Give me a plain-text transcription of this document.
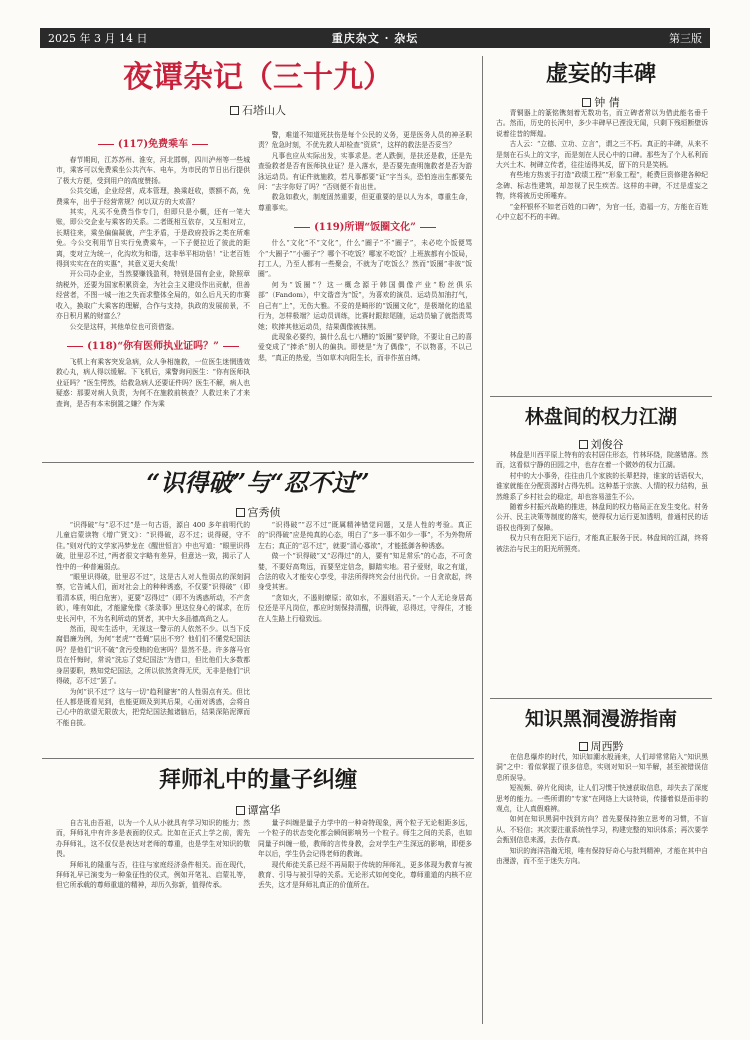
2025 年 3 月 14 日	重庆杂文 · 杂坛	第三版
夜谭杂记（三十九）
石塔山人
(117)免费乘车

春节期间，江苏苏州、淮安，河北邯郸，四川泸州等一些城市，乘客可以免费乘坐公共汽车、电车，为市民的节日出行提供了极大方便，受到用户的高度赞扬。

公共交通，企业经营，成本管理，换乘赶收，票额不高，免费乘车，出乎于经营常规？何以双方的大欢喜？

其实，凡买不免费当作专门，但即只是小概，还有一笔大账，即公交企业与乘客的关系。二者既相互依存，又互相对立，长期往来，乘坐偏偏凝就，产生矛盾，于是政府投诉之类在所难免。今公交利用节日实行免费乘车，一下子便拉近了彼此的距离，变对立为统一，化沟坎为和谐，这非举平相功倍！“让老百姓得到实实在在的实惠”，其意义更大矣哉！

开公司办企业，当然要赚钱盈利，特别是国有企业，除照章纳税外，还要为国家积累资金，为社会主义建设作出贡献，但善经营者，不图一城一池之失而求整体全局的，如么后凡天的市赛收入，换取广大乘客的理解，合作与支持，执政的发展前景，不亦日积月累的财富么？

公交是这样，其他单位也可资借鉴。

(118)“你有医师执业证吗？”

飞机上有乘客突发急病，众人争相施救，一位医生迷惘透效救心丸，病人得以缓解。下飞机后，乘警询问医生：“你有医师执业证吗？”医生愕然，给救急病人还要证件吗？医生不解，病人也疑惑：那要对病人负责，为何不在施救前核查？人救过来了才来查询，是否有本末倒置之嫌？作为乘

警，难道不知道死扶伤是每个公民的义务，更是医务人员的神圣职责？危急时刻，不优先救人却检查“资质”，这样的救法是否妥当？

凡事也应从实际出发，实事求是。老人跌倒，是扶还是救，还是先查验救者是否有医师执业证？是入落水，是否要先查明施救者是否为游泳运动员。有证件就施救，若凡事都要“证”字当头，恐怕连出生都要先问：“去字你好了吗？”否则便不肯出世。

救急如救火，制度固然重要，但更重要的是以人为本，尊重生命，尊重事实。

(119)所谓“饭圈文化”

什么“文化”不“文化”，什么“圈子”不“圈子”，未必吃个饭便骂个“大圈子”“小圈子”？哪个不吃饭？哪家不吃饭？上班族都有小饭局，打工人，乃至人都有一些聚会，不就为了吃饭么？然而“饭圈”非彼“饭圈”。

何为“饭圈”？这一概念源于韩国偶像产业“粉丝俱乐部”（Fandom），中文谐音为“饭”，为喜欢的演员、运动员加油打气，自己有“上”，无伤大雅。不妥的是畸形的“饭圈文化”，是极端化的追星行为，怎样极端？运动员训练，比赛时跟踪尾随，运动员输了就指责骂她；吹捧其他运动员，结果偶像被抹黑。

此现象必要约，搞什么乱七八糟的“饭圈”要铲除，不要让自己的喜爱变成了“捧杀”别人的偏执。即使是“为了偶像”，不以物喜，不以己悲，“真正的热爱，当如草木向阳生长，而非作茧自缚。

“识得破”与“忍不过”
宫秀侦

“识得破”与“忍不过”是一句古语，源自 400 多年前明代的儿童启蒙读物《增广贤文》：“识得破，忍不过；说得硬，守不住。”则对代的文学家冯梦龙在《醒世恒言》中也写道：“眼里识得破，肚里忍不过，”两者很文字略有差异，但意达一致，揭示了人性中的一种普遍弱点。

“眼里识得破，肚里忍不过”，这是古人对人性弱点的深刻洞察，它告诫人们，面对社会上的种种诱惑，不仅要“识得破”（即看清本质，明白危害），更要“忍得过”（即不为诱惑所动，不产贪欲），唯有如此，才能避免像《茶录事》里这位身心的谋求，在历史长河中，不为名利所动的贤者，其中大多品德高尚之人。

然而，现实生活中，无视这一警示的人依然不少。以当下反腐倡廉为例，为何“老虎”“苍蝇”层出不穷？他们们不懂党纪国法吗？是他们“识不破”贪污受贿的危害吗？显然不是。许多落马官员在忏悔时，常说“洗忘了党纪国法”为借口，但比他们大多数都身居要职，熟知党纪国法，之所以依然贪得无厌，无非是他们“识得破，忍不过”罢了。

为何“识不过”？这与一切“趋利避害”的人性弱点有关。但比任人都是既看见到，也能更顾及到其后果，心面对诱惑，会将自己心中的欲望无限放大，把党纪国法抛诸脑后，结果深陷泥潭而不能自拔。

“识得破”“忍不过”既属精神错觉问题，又是人性的考验。真正的“识得破”应是纯真的心态，明白了“多一事不如少一事”，不为外物所左右；真正的“忍不过”，就要“清心寡欲”，才能抵御各种诱惑。

做一个“识得破”又“忍得过”的人，要有“知足常乐”的心态，不可贪婪，不要好高骛远，而要坚定信念，脚踏实地。君子爱财，取之有道，合法的收入才能安心享受，非法所得终究会付出代价。一日贪欲起，终身受其害。

“贪如火，不遏则燎原；欲如水，不遏则滔天。”一个人无论身居高位还是平凡岗位，都应时刻保持清醒，识得破，忍得过，守得住，才能在人生路上行稳致远。

拜师礼中的量子纠缠
谭富华

自古礼由吾祖，以为一个人从小就具有学习知识的能力；然而，拜师礼中有许多是表面的仪式。比如在正式上学之前，需先办拜师礼，这不仅仅是表达对老师的尊重，也是学生对知识的敬畏。

拜师礼的隆重与否，往往与家庭经济条件相关。而在现代，拜师礼早已演变为一种象征性的仪式，例如开笔礼、启蒙礼等，但它所承载的尊师重道的精神，却历久弥新，值得传承。

量子纠缠是量子力学中的一种奇特现象，两个粒子无论相距多远，一个粒子的状态变化都会瞬间影响另一个粒子。师生之间的关系，也如同量子纠缠一般，教师的言传身教，会对学生产生深远的影响，即便多年以后，学生仍会记得老师的教诲。

现代师徒关系已经不再局限于传统的拜师礼，更多体现为教育与被教育、引导与被引导的关系。无论形式如何变化，尊师重道的内核不应丢失，这才是拜师礼真正的价值所在。

虚妄的丰碑
钟 倩

青铜器上的篆铭镌刻着无数功名，而立碑者常以为借此能名垂千古。然而，历史的长河中，多少丰碑早已湮没无闻，只剩下残垣断壁诉说着往昔的辉煌。

古人云：“立德、立功、立言”，谓之三不朽。真正的丰碑，从来不是刻在石头上的文字，而是刻在人民心中的口碑。那些为了个人私利而大兴土木、树碑立传者，往往适得其反，留下的只是笑柄。

有些地方热衷于打造“政绩工程”“形象工程”，耗费巨资修建各种纪念碑、标志性建筑，却忽视了民生疾苦。这样的丰碑，不过是虚妄之物，终将被历史所唾弃。

“金杯银杯不如老百姓的口碑”，为官一任，造福一方，方能在百姓心中立起不朽的丰碑。

林盘间的权力江湖
刘俊谷

林盘是川西平原上特有的农村居住形态，竹林环绕，院落错落。然而，这看似宁静的田园之中，也存在着一个微妙的权力江湖。

村中的大小事务，往往由几个家族的长辈把持，谁家的话语权大，谁家就能在分配资源时占得先机。这种基于宗族、人情的权力结构，虽然维系了乡村社会的稳定，却也容易滋生不公。

随着乡村振兴战略的推进，林盘间的权力格局正在发生变化。村务公开、民主决策等制度的落实，使得权力运行更加透明，普通村民的话语权也得到了保障。

权力只有在阳光下运行，才能真正服务于民。林盘间的江湖，终将被法治与民主的阳光所照亮。

知识黑洞漫游指南
周西黔

在信息爆炸的时代，知识如潮水般涌来，人们却常常陷入“知识黑洞”之中：看似掌握了很多信息，实则对知识一知半解，甚至被错误信息所误导。

短视频、碎片化阅读，让人们习惯于快速获取信息，却失去了深度思考的能力。一些所谓的“专家”在网络上大谈特谈，传播着似是而非的观点，让人真假难辨。

如何在知识黑洞中找到方向？首先要保持独立思考的习惯，不盲从、不轻信；其次要注重系统性学习，构建完整的知识体系；再次要学会甄别信息来源，去伪存真。

知识的海洋浩瀚无垠，唯有保持好奇心与批判精神，才能在其中自由漫游，而不至于迷失方向。
